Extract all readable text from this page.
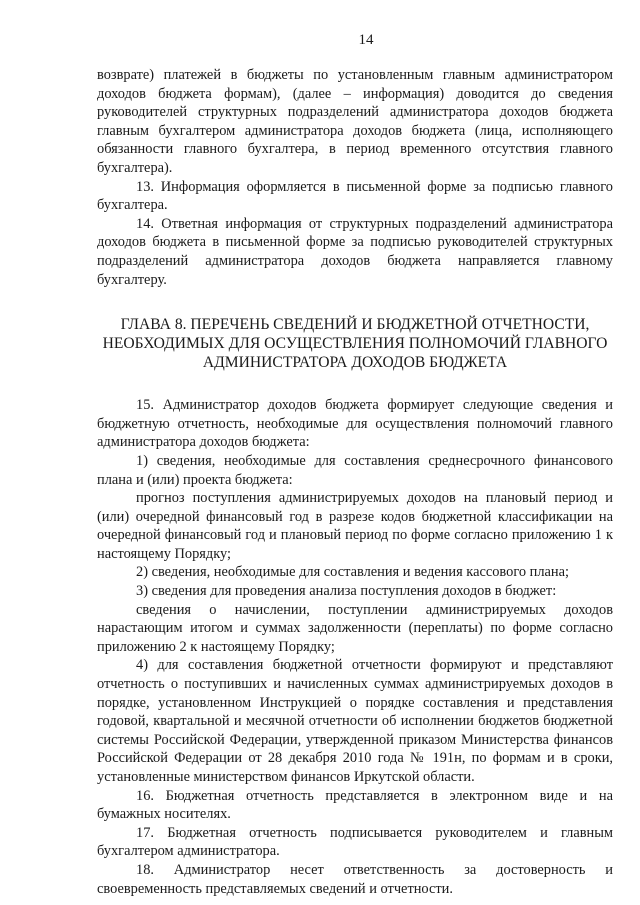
14

возврате) платежей в бюджеты по установленным главным администратором доходов бюджета формам), (далее – информация) доводится до сведения руководителей структурных подразделений администратора доходов бюджета главным бухгалтером администратора доходов бюджета (лица, исполняющего обязанности главного бухгалтера, в период временного отсутствия главного бухгалтера).

13. Информация оформляется в письменной форме за подписью главного бухгалтера.

14. Ответная информация от структурных подразделений администратора доходов бюджета в письменной форме за подписью руководителей структурных подразделений администратора доходов бюджета направляется главному бухгалтеру.

ГЛАВА 8. ПЕРЕЧЕНЬ СВЕДЕНИЙ И БЮДЖЕТНОЙ ОТЧЕТНОСТИ,
НЕОБХОДИМЫХ ДЛЯ ОСУЩЕСТВЛЕНИЯ ПОЛНОМОЧИЙ ГЛАВНОГО
АДМИНИСТРАТОРА ДОХОДОВ БЮДЖЕТА

15. Администратор доходов бюджета формирует следующие сведения и бюджетную отчетность, необходимые для осуществления полномочий главного администратора доходов бюджета:

1) сведения, необходимые для составления среднесрочного финансового плана и (или) проекта бюджета:

прогноз поступления администрируемых доходов на плановый период и (или) очередной финансовый год в разрезе кодов бюджетной классификации на очередной финансовый год и плановый период по форме согласно приложению 1 к настоящему Порядку;

2) сведения, необходимые для составления и ведения кассового плана;

3) сведения для проведения анализа поступления доходов в бюджет:

сведения о начислении, поступлении администрируемых доходов нарастающим итогом и суммах задолженности (переплаты) по форме согласно приложению 2 к настоящему Порядку;

4) для составления бюджетной отчетности формируют и представляют отчетность о поступивших и начисленных суммах администрируемых доходов в порядке, установленном Инструкцией о порядке составления и представления годовой, квартальной и месячной отчетности об исполнении бюджетов бюджетной системы Российской Федерации, утвержденной приказом Министерства финансов Российской Федерации от 28 декабря 2010 года № 191н, по формам и в сроки, установленные министерством финансов Иркутской области.

16. Бюджетная отчетность представляется в электронном виде и на бумажных носителях.

17. Бюджетная отчетность подписывается руководителем и главным бухгалтером администратора.

18. Администратор несет ответственность за достоверность и своевременность представляемых сведений и отчетности.
